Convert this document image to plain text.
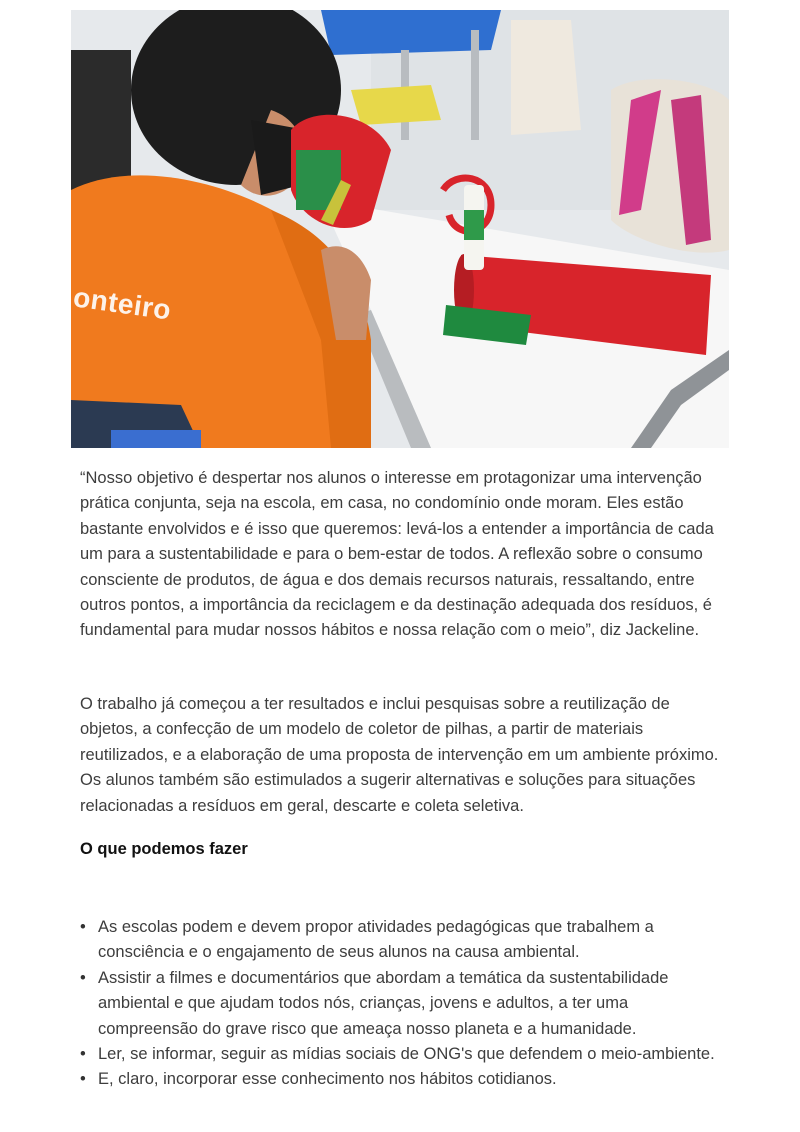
onteiro

“Nosso objetivo é despertar nos alunos o interesse em protagonizar uma intervenção prática conjunta, seja na escola, em casa, no condomínio onde moram. Eles estão bastante envolvidos e é isso que queremos: levá-los a entender a importância de cada um para a sustentabilidade e para o bem-estar de todos. A reflexão sobre o consumo consciente de produtos, de água e dos demais recursos naturais, ressaltando, entre outros pontos, a importância da reciclagem e da destinação adequada dos resíduos, é fundamental para mudar nossos hábitos e nossa relação com o meio”, diz Jackeline.

O trabalho já começou a ter resultados e inclui pesquisas sobre a reutilização de objetos, a confecção de um modelo de coletor de pilhas, a partir de materiais reutilizados, e a elaboração de uma proposta de intervenção em um ambiente próximo. Os alunos também são estimulados a sugerir alternativas e soluções para situações relacionadas a resíduos em geral, descarte e coleta seletiva.

O que podemos fazer

• As escolas podem e devem propor atividades pedagógicas que trabalhem a consciência e o engajamento de seus alunos na causa ambiental.
• Assistir a filmes e documentários que abordam a temática da sustentabilidade ambiental e que ajudam todos nós, crianças, jovens e adultos, a ter uma compreensão do grave risco que ameaça nosso planeta e a humanidade.
• Ler, se informar, seguir as mídias sociais de ONG's que defendem o meio-ambiente.
• E, claro, incorporar esse conhecimento nos hábitos cotidianos.
